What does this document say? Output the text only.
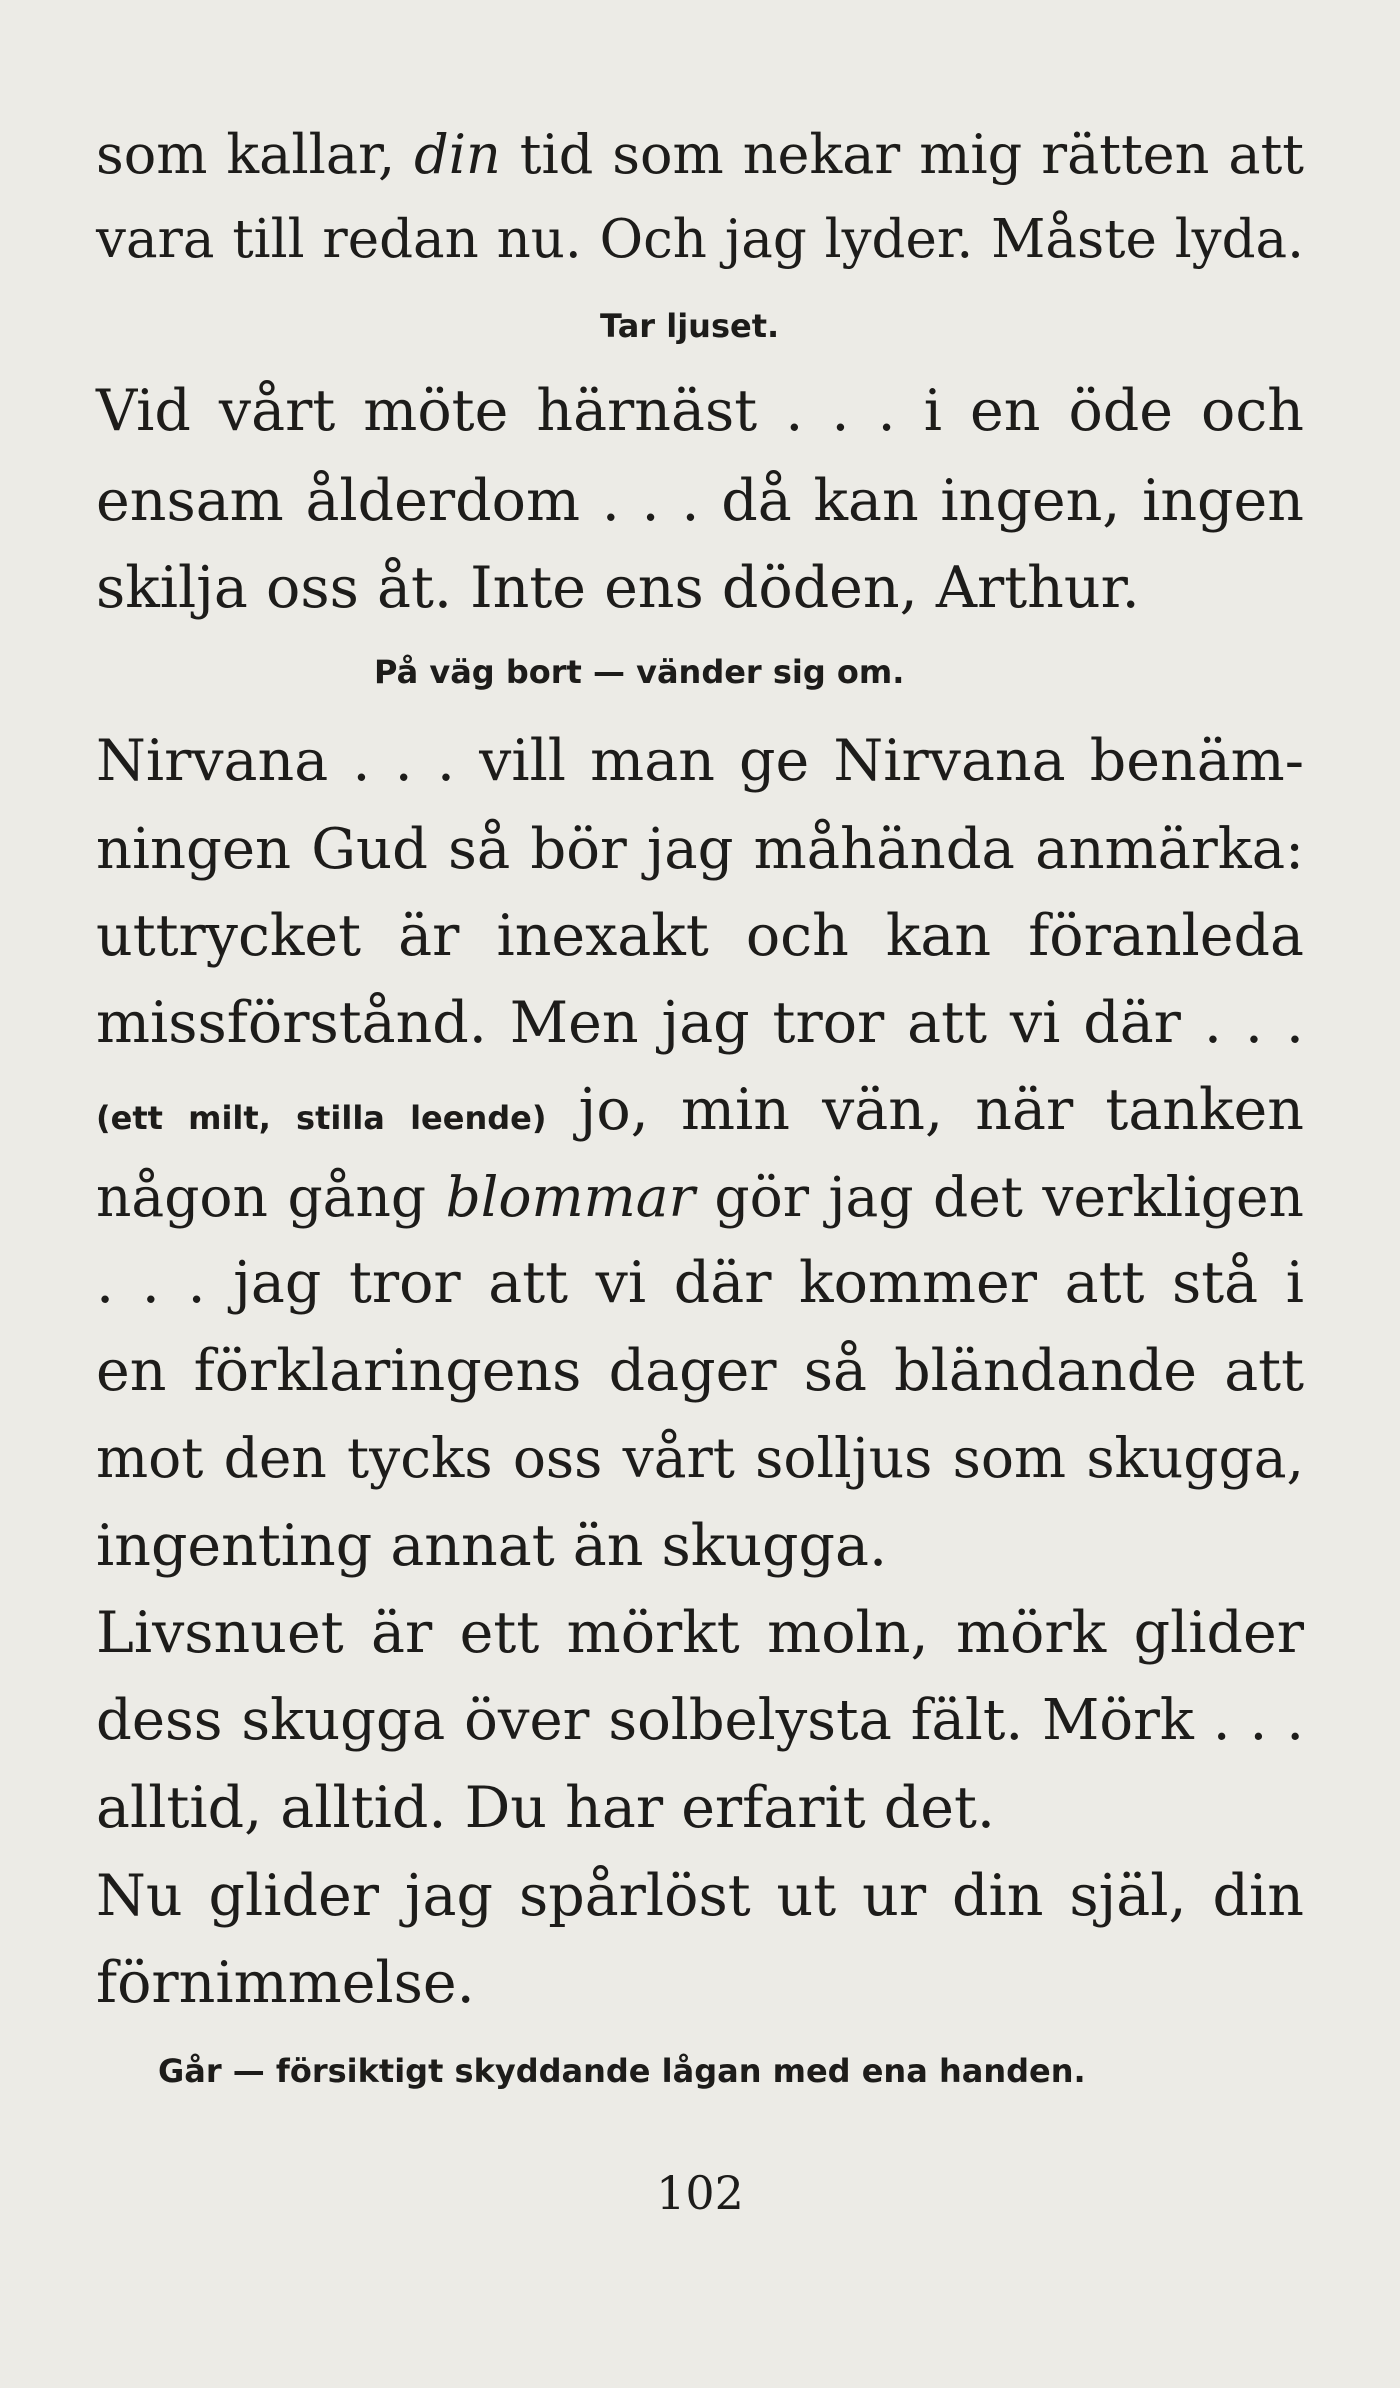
som kallar, din tid som nekar mig rätten att
vara till redan nu. Och jag lyder. Måste lyda.
Vid vårt möte härnäst . . . i en öde och
ensam ålderdom . . . då kan ingen, ingen
skilja oss åt. Inte ens döden, Arthur.
Nirvana . . . vill man ge Nirvana benäm-
ningen Gud så bör jag måhända anmärka:
uttrycket är inexakt och kan föranleda
missförstånd. Men jag tror att vi där . . .
(ett milt, stilla leende) jo, min vän, när tanken
någon gång blommar gör jag det verkligen
. . . jag tror att vi där kommer att stå i
en förklaringens dager så bländande att
mot den tycks oss vårt solljus som skugga,
ingenting annat än skugga.
Livsnuet är ett mörkt moln, mörk glider
dess skugga över solbelysta fält. Mörk . . .
alltid, alltid. Du har erfarit det.
Nu glider jag spårlöst ut ur din själ, din
förnimmelse.
Tar ljuset.
På väg bort — vänder sig om.
Går — försiktigt skyddande lågan med ena handen.
102
